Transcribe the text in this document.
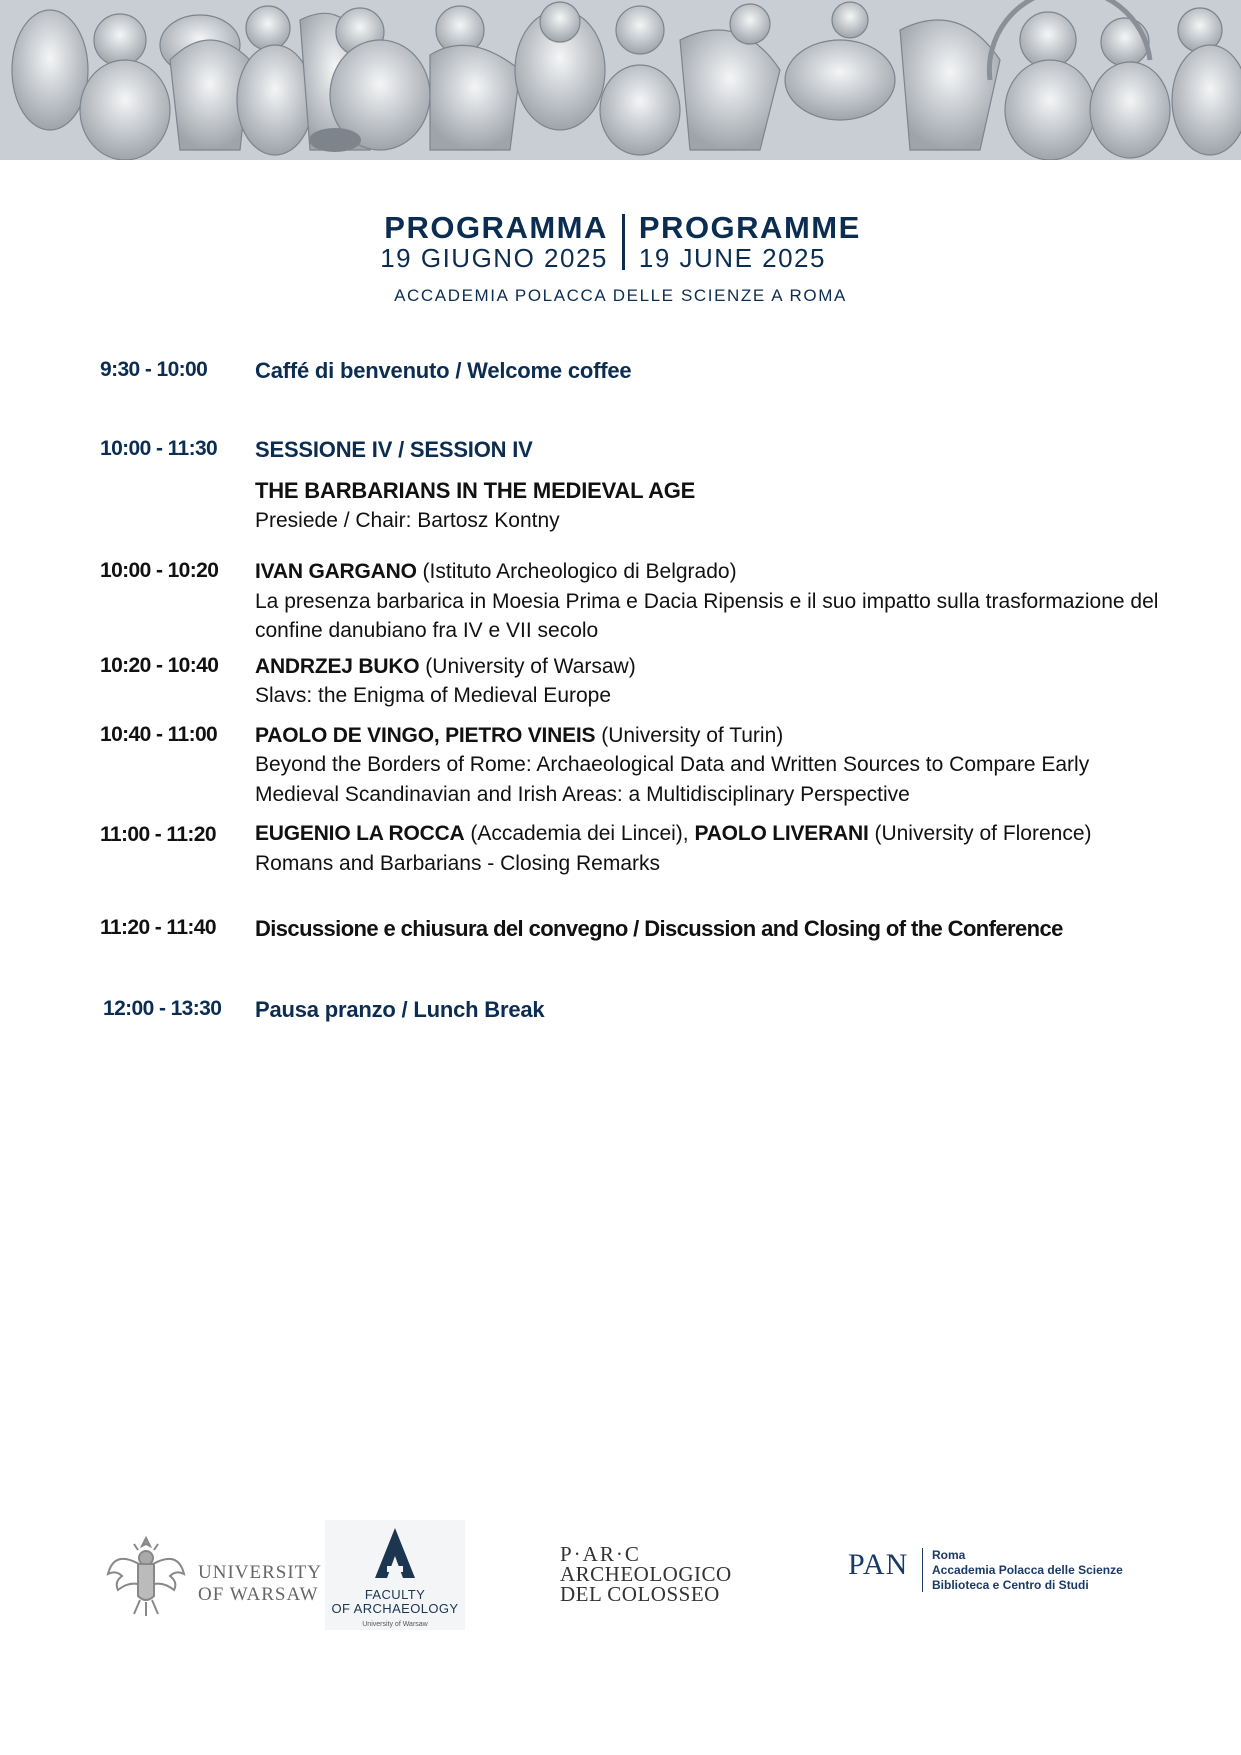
PROGRAMMA
19 GIUGNO 2025
PROGRAMME
19 JUNE 2025
ACCADEMIA POLACCA DELLE SCIENZE A ROMA
9:30 - 10:00	Caffé di benvenuto / Welcome coffee
10:00 - 11:30	SESSIONE IV / SESSION IV
THE BARBARIANS IN THE MEDIEVAL AGE
Presiede / Chair: Bartosz Kontny
10:00 - 10:20	IVAN GARGANO (Istituto Archeologico di Belgrado)
La presenza barbarica in Moesia Prima e Dacia Ripensis e il suo impatto sulla trasformazione del confine danubiano fra IV e VII secolo
10:20 - 10:40	ANDRZEJ BUKO (University of Warsaw)
Slavs: the Enigma of Medieval Europe
10:40 - 11:00	PAOLO DE VINGO, PIETRO VINEIS (University of Turin)
Beyond the Borders of Rome: Archaeological Data and Written Sources to Compare Early Medieval Scandinavian and Irish Areas: a Multidisciplinary Perspective
11:00 - 11:20	EUGENIO LA ROCCA (Accademia dei Lincei), PAOLO LIVERANI (University of Florence)
Romans and Barbarians - Closing Remarks
11:20 - 11:40	Discussione e chiusura del convegno / Discussion and Closing of the Conference
12:00 - 13:30	Pausa pranzo / Lunch Break
UNIVERSITY
OF WARSAW	FACULTY
OF ARCHAEOLOGY
University of Warsaw
P·AR·C
ARCHEOLOGICO
DEL COLOSSEO
PAN Roma
Accademia Polacca delle Scienze
Biblioteca e Centro di Studi
